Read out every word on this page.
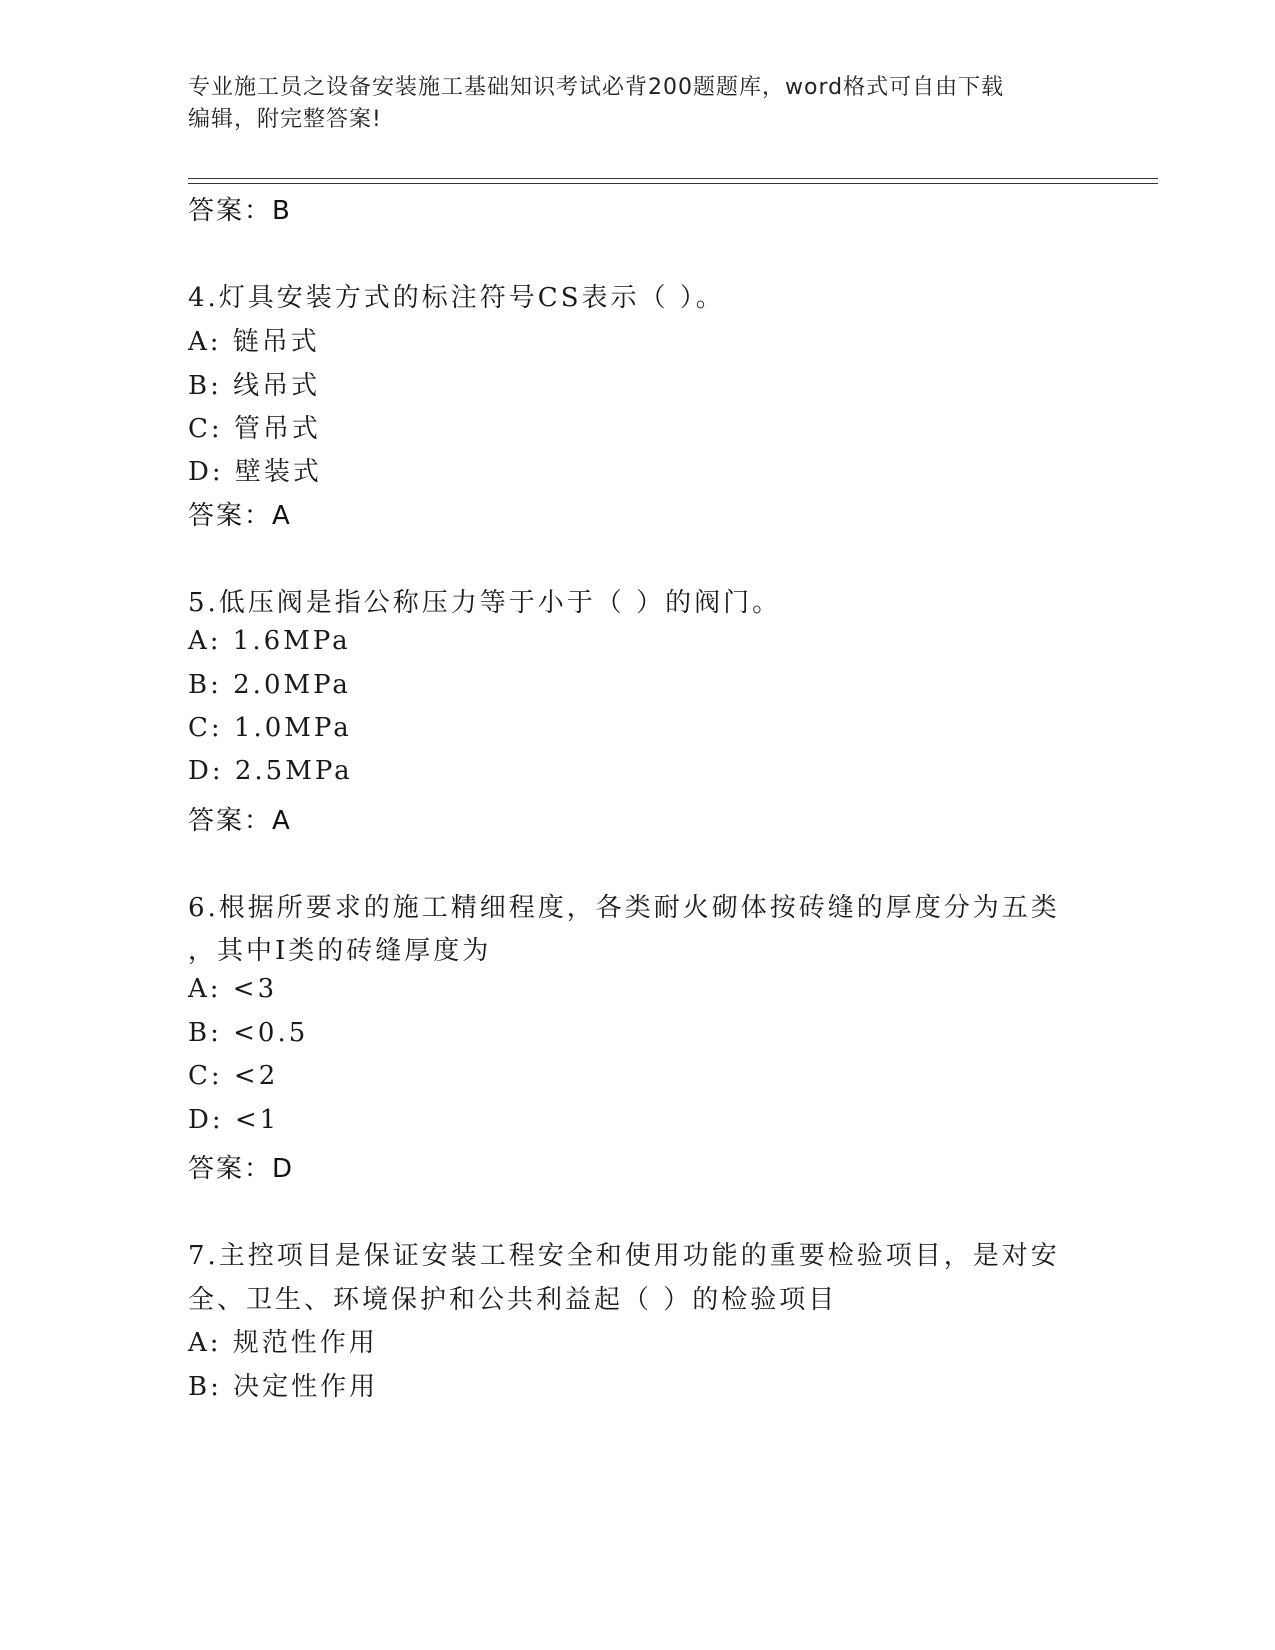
专业施工员之设备安装施工基础知识考试必背200题题库，word格式可自由下载
编辑，附完整答案!
答案：B
4.灯具安装方式的标注符号CS表示（ ）。
A: 链吊式
B: 线吊式
C: 管吊式
D: 壁装式
答案：A
5.低压阀是指公称压力等于小于（ ）的阀门。
A: 1.6MPa
B: 2.0MPa
C: 1.0MPa
D: 2.5MPa
答案：A
6.根据所要求的施工精细程度，各类耐火砌体按砖缝的厚度分为五类
，其中Ⅰ类的砖缝厚度为
A: <3
B: <0.5
C: <2
D: <1
答案：D
7.主控项目是保证安装工程安全和使用功能的重要检验项目，是对安
全、卫生、环境保护和公共利益起（ ）的检验项目
A: 规范性作用
B: 决定性作用
